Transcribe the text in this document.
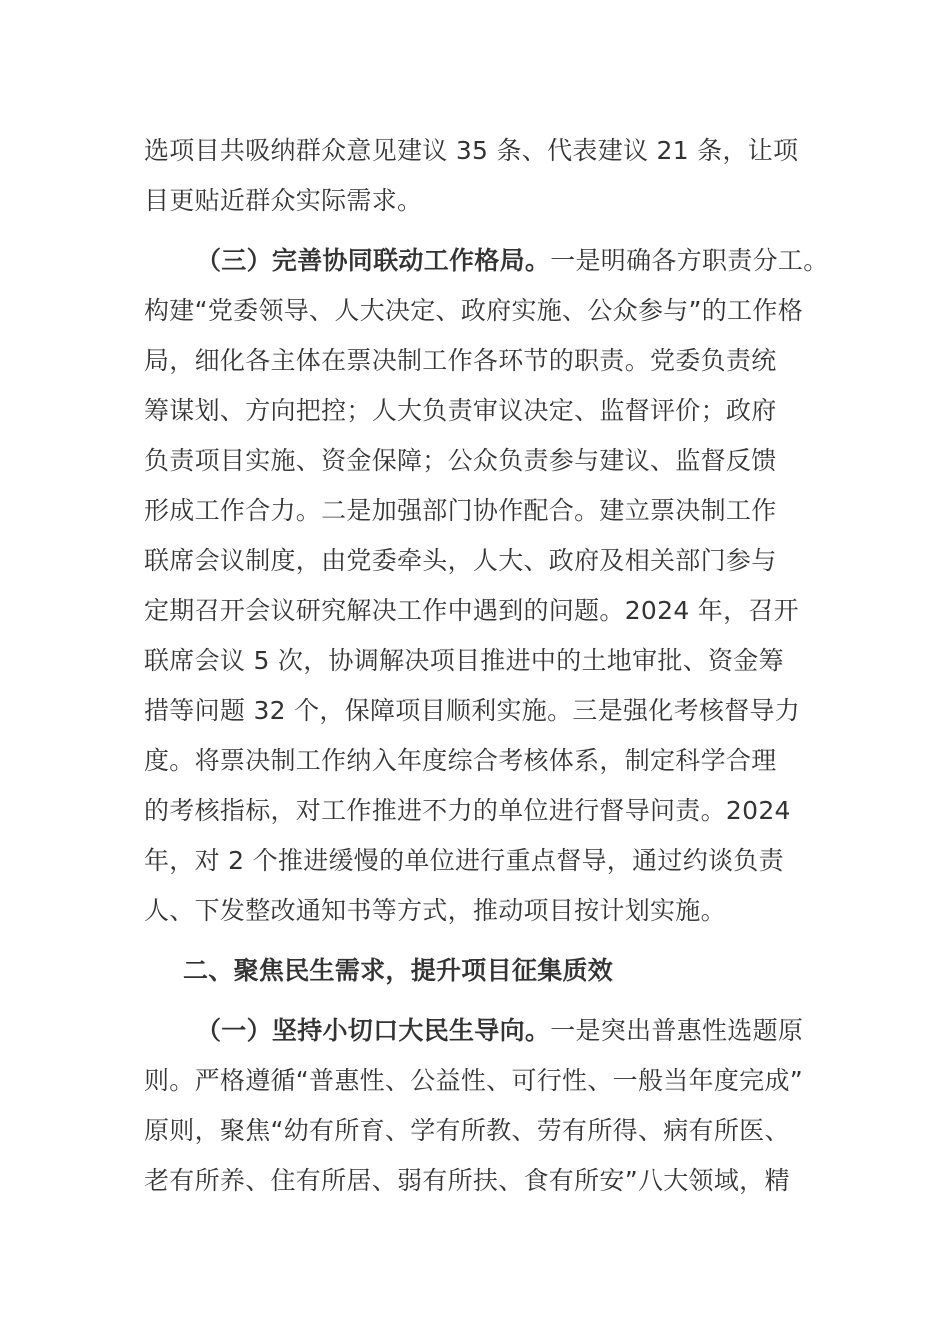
选项目共吸纳群众意见建议 35 条、代表建议 21 条，让项
目更贴近群众实际需求。
（三）完善协同联动工作格局。一是明确各方职责分工。
构建“党委领导、人大决定、政府实施、公众参与”的工作格
局，细化各主体在票决制工作各环节的职责。党委负责统
筹谋划、方向把控；人大负责审议决定、监督评价；政府
负责项目实施、资金保障；公众负责参与建议、监督反馈
形成工作合力。二是加强部门协作配合。建立票决制工作
联席会议制度，由党委牵头，人大、政府及相关部门参与
定期召开会议研究解决工作中遇到的问题。2024 年，召开
联席会议 5 次，协调解决项目推进中的土地审批、资金筹
措等问题 32 个，保障项目顺利实施。三是强化考核督导力
度。将票决制工作纳入年度综合考核体系，制定科学合理
的考核指标，对工作推进不力的单位进行督导问责。2024
年，对 2 个推进缓慢的单位进行重点督导，通过约谈负责
人、下发整改通知书等方式，推动项目按计划实施。
二、聚焦民生需求，提升项目征集质效
（一）坚持小切口大民生导向。一是突出普惠性选题原
则。严格遵循“普惠性、公益性、可行性、一般当年度完成”
原则，聚焦“幼有所育、学有所教、劳有所得、病有所医、
老有所养、住有所居、弱有所扶、食有所安”八大领域，精
